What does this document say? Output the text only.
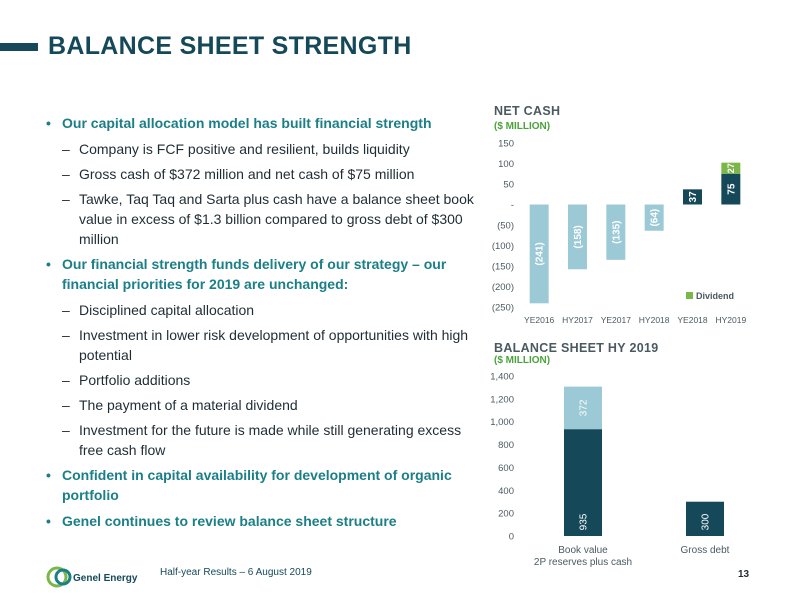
BALANCE SHEET STRENGTH
• Our capital allocation model has built financial strength
– Company is FCF positive and resilient, builds liquidity
– Gross cash of $372 million and net cash of $75 million
– Tawke, Taq Taq and Sarta plus cash have a balance sheet book value in excess of $1.3 billion compared to gross debt of $300 million
• Our financial strength funds delivery of our strategy – our financial priorities for 2019 are unchanged:
– Disciplined capital allocation
– Investment in lower risk development of opportunities with high potential
– Portfolio additions
– The payment of a material dividend
– Investment for the future is made while still generating excess free cash flow
• Confident in capital availability for development of organic portfolio
• Genel continues to review balance sheet structure
NET CASH
($ MILLION)
150
100
50
-
(50)
(100)
(150)
(200)
(250)
(241)
YE2016
(158)
HY2017
(135)
YE2017
(64)
HY2018
37
YE2018
75
HY2019
27
Dividend
BALANCE SHEET HY 2019
($ MILLION)
1,400
1,200
1,000
800
600
400
200
0
935
372
Book value
2P reserves plus cash
300
Gross debt
Genel Energy
Half-year Results – 6 August 2019	13
